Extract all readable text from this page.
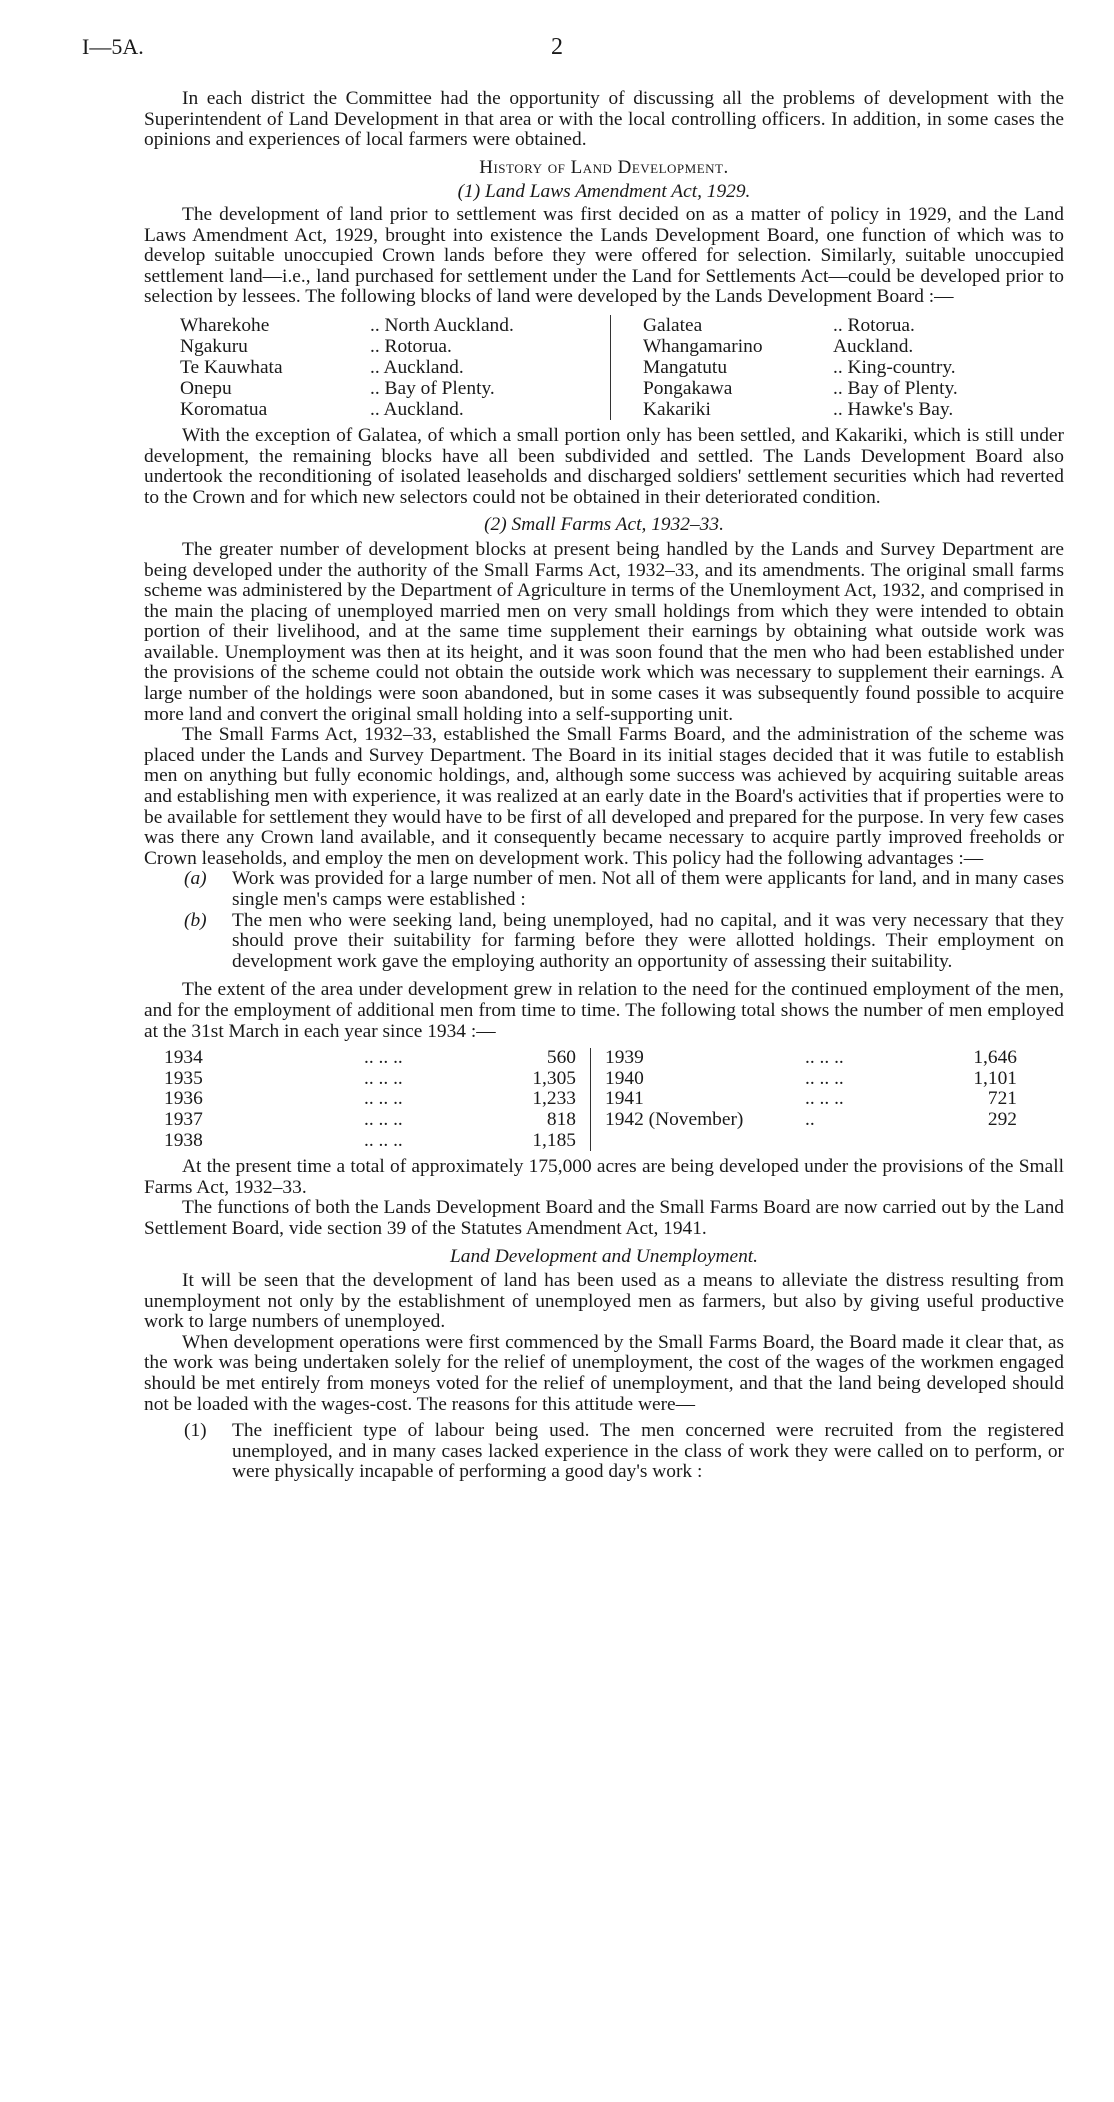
I—5A.	2

In each district the Committee had the opportunity of discussing all the problems of development with the Superintendent of Land Development in that area or with the local controlling officers. In addition, in some cases the opinions and experiences of local farmers were obtained.

History of Land Development.

(1) Land Laws Amendment Act, 1929.

The development of land prior to settlement was first decided on as a matter of policy in 1929, and the Land Laws Amendment Act, 1929, brought into existence the Lands Development Board, one function of which was to develop suitable unoccupied Crown lands before they were offered for selection. Similarly, suitable unoccupied settlement land—i.e., land purchased for settlement under the Land for Settlements Act—could be developed prior to selection by lessees. The following blocks of land were developed by the Lands Development Board :—

Wharekohe	.. North Auckland.
Ngakuru	.. Rotorua.
Te Kauwhata	.. Auckland.
Onepu	.. Bay of Plenty.
Koromatua	.. Auckland.
Galatea	.. Rotorua.
Whangamarino	Auckland.
Mangatutu	.. King-country.
Pongakawa	.. Bay of Plenty.
Kakariki	.. Hawke's Bay.

With the exception of Galatea, of which a small portion only has been settled, and Kakariki, which is still under development, the remaining blocks have all been subdivided and settled. The Lands Development Board also undertook the reconditioning of isolated leaseholds and discharged soldiers' settlement securities which had reverted to the Crown and for which new selectors could not be obtained in their deteriorated condition.

(2) Small Farms Act, 1932–33.

The greater number of development blocks at present being handled by the Lands and Survey Department are being developed under the authority of the Small Farms Act, 1932–33, and its amendments. The original small farms scheme was administered by the Department of Agriculture in terms of the Unemloyment Act, 1932, and comprised in the main the placing of unemployed married men on very small holdings from which they were intended to obtain portion of their livelihood, and at the same time supplement their earnings by obtaining what outside work was available. Unemployment was then at its height, and it was soon found that the men who had been established under the provisions of the scheme could not obtain the outside work which was necessary to supplement their earnings. A large number of the holdings were soon abandoned, but in some cases it was subsequently found possible to acquire more land and convert the original small holding into a self-supporting unit.

The Small Farms Act, 1932–33, established the Small Farms Board, and the administration of the scheme was placed under the Lands and Survey Department. The Board in its initial stages decided that it was futile to establish men on anything but fully economic holdings, and, although some success was achieved by acquiring suitable areas and establishing men with experience, it was realized at an early date in the Board's activities that if properties were to be available for settlement they would have to be first of all developed and prepared for the purpose. In very few cases was there any Crown land available, and it consequently became necessary to acquire partly improved freeholds or Crown leaseholds, and employ the men on development work. This policy had the following advantages :—

(a)	Work was provided for a large number of men. Not all of them were applicants for land, and in many cases single men's camps were established :
(b)	The men who were seeking land, being unemployed, had no capital, and it was very necessary that they should prove their suitability for farming before they were allotted holdings. Their employment on development work gave the employing authority an opportunity of assessing their suitability.

The extent of the area under development grew in relation to the need for the continued employment of the men, and for the employment of additional men from time to time. The following total shows the number of men employed at the 31st March in each year since 1934 :—

1934	.. .. ..	560
1935	.. .. ..	1,305
1936	.. .. ..	1,233
1937	.. .. ..	818
1938	.. .. ..	1,185
1939	.. .. ..	1,646
1940	.. .. ..	1,101
1941	.. .. ..	721
1942 (November)	..	292

At the present time a total of approximately 175,000 acres are being developed under the provisions of the Small Farms Act, 1932–33.

The functions of both the Lands Development Board and the Small Farms Board are now carried out by the Land Settlement Board, vide section 39 of the Statutes Amendment Act, 1941.

Land Development and Unemployment.

It will be seen that the development of land has been used as a means to alleviate the distress resulting from unemployment not only by the establishment of unemployed men as farmers, but also by giving useful productive work to large numbers of unemployed.

When development operations were first commenced by the Small Farms Board, the Board made it clear that, as the work was being undertaken solely for the relief of unemployment, the cost of the wages of the workmen engaged should be met entirely from moneys voted for the relief of unemployment, and that the land being developed should not be loaded with the wages-cost. The reasons for this attitude were—

(1)	The inefficient type of labour being used. The men concerned were recruited from the registered unemployed, and in many cases lacked experience in the class of work they were called on to perform, or were physically incapable of performing a good day's work :
